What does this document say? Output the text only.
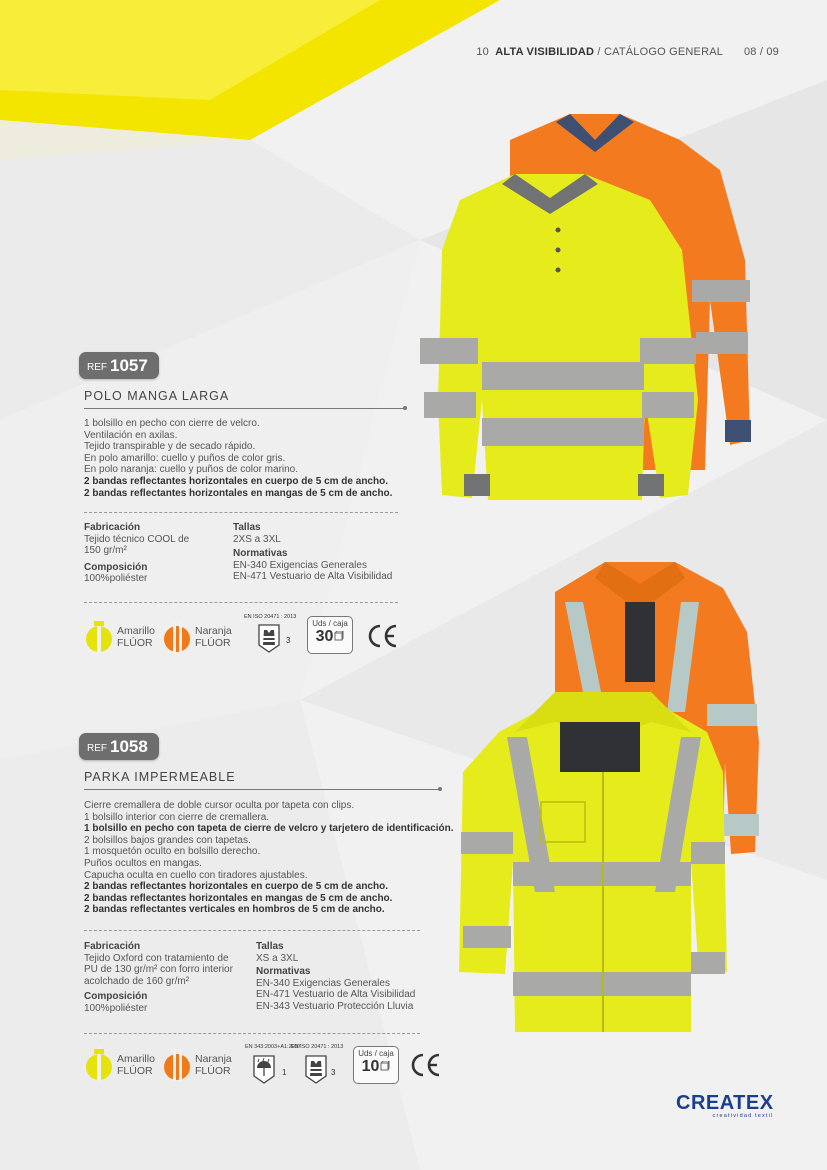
10 ALTA VISIBILIDAD / CATÁLOGO GENERAL 08 / 09
REF 1057
POLO MANGA LARGA
1 bolsillo en pecho con cierre de velcro.
Ventilación en axilas.
Tejido transpirable y de secado rápido.
En polo amarillo: cuello y puños de color gris.
En polo naranja: cuello y puños de color marino.
2 bandas reflectantes horizontales en cuerpo de 5 cm de ancho.
2 bandas reflectantes horizontales en mangas de 5 cm de ancho.
Fabricación
Tejido técnico COOL de
150 gr/m²
Composición
100%poliéster
Tallas
2XS a 3XL
Normativas
EN-340 Exigencias Generales
EN-471 Vestuario de Alta Visibilidad
Amarillo
FLÚOR
Naranja
FLÚOR
EN ISO 20471 : 2013
3
Uds / caja
30
REF 1058
PARKA IMPERMEABLE
Cierre cremallera de doble cursor oculta por tapeta con clips.
1 bolsillo interior con cierre de cremallera.
1 bolsillo en pecho con tapeta de cierre de velcro y tarjetero de identificación.
2 bolsillos bajos grandes con tapetas.
1 mosquetón oculto en bolsillo derecho.
Puños ocultos en mangas.
Capucha oculta en cuello con tiradores ajustables.
2 bandas reflectantes horizontales en cuerpo de 5 cm de ancho.
2 bandas reflectantes horizontales en mangas de 5 cm de ancho.
2 bandas reflectantes verticales en hombros de 5 cm de ancho.
Fabricación
Tejido Oxford con tratamiento de
PU de 130 gr/m² con forro interior
acolchado de 160 gr/m²
Composición
100%poliéster
Tallas
XS a 3XL
Normativas
EN-340 Exigencias Generales
EN-471 Vestuario de Alta Visibilidad
EN-343 Vestuario Protección Lluvia
Amarillo
FLÚOR
Naranja
FLÚOR
EN 343:2003+A1:2007
1
EN ISO 20471 : 2013
3
Uds / caja
10
CREATEX
creatividad textil
